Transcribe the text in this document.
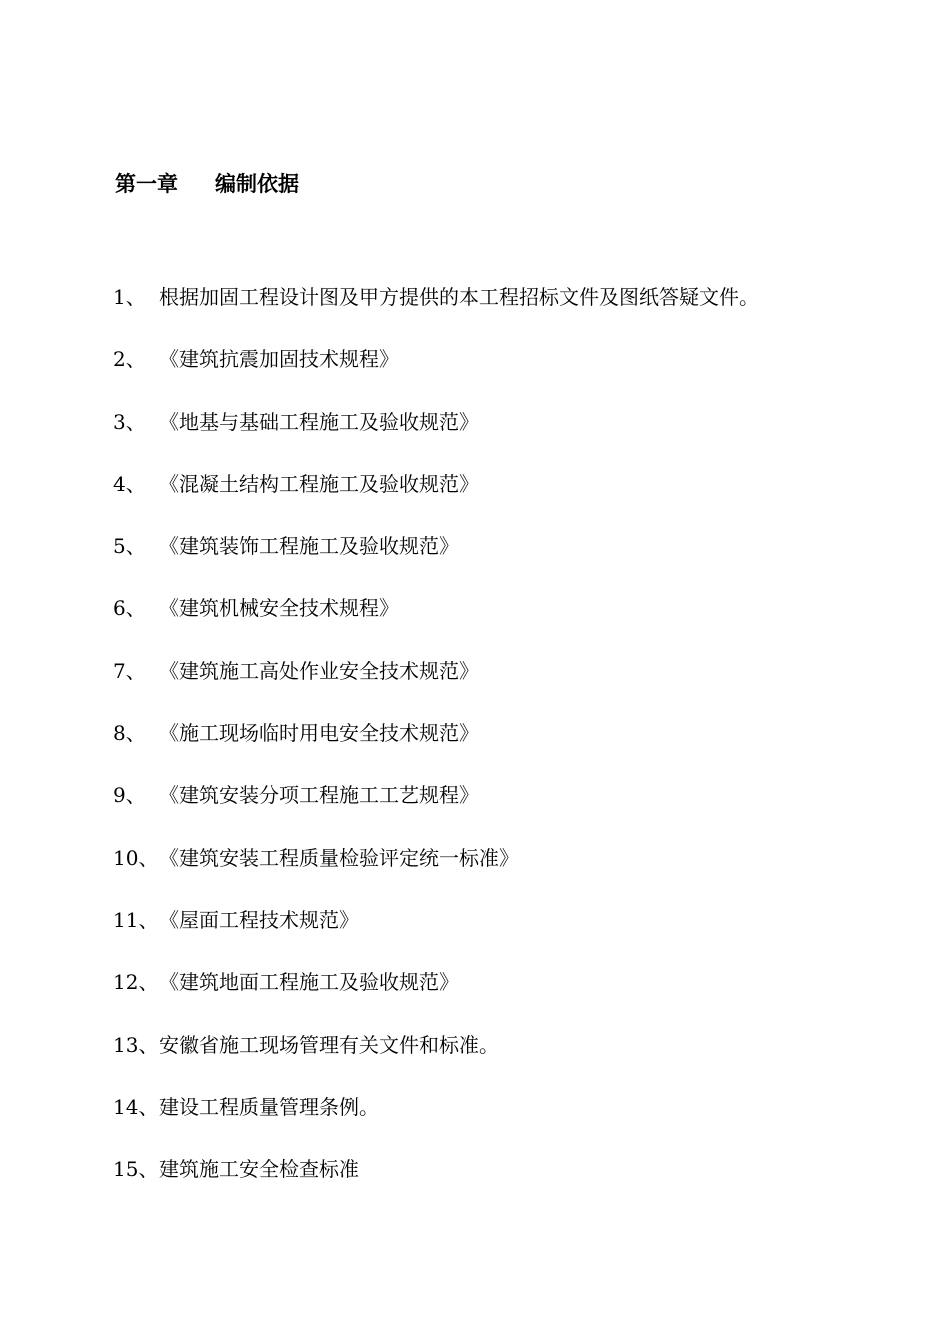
第一章 编制依据
1、 根据加固工程设计图及甲方提供的本工程招标文件及图纸答疑文件。
2、 《建筑抗震加固技术规程》
3、 《地基与基础工程施工及验收规范》
4、 《混凝土结构工程施工及验收规范》
5、 《建筑装饰工程施工及验收规范》
6、 《建筑机械安全技术规程》
7、 《建筑施工高处作业安全技术规范》
8、 《施工现场临时用电安全技术规范》
9、 《建筑安装分项工程施工工艺规程》
10、《建筑安装工程质量检验评定统一标准》
11、《屋面工程技术规范》
12、《建筑地面工程施工及验收规范》
13、安徽省施工现场管理有关文件和标准。
14、建设工程质量管理条例。
15、建筑施工安全检查标准
